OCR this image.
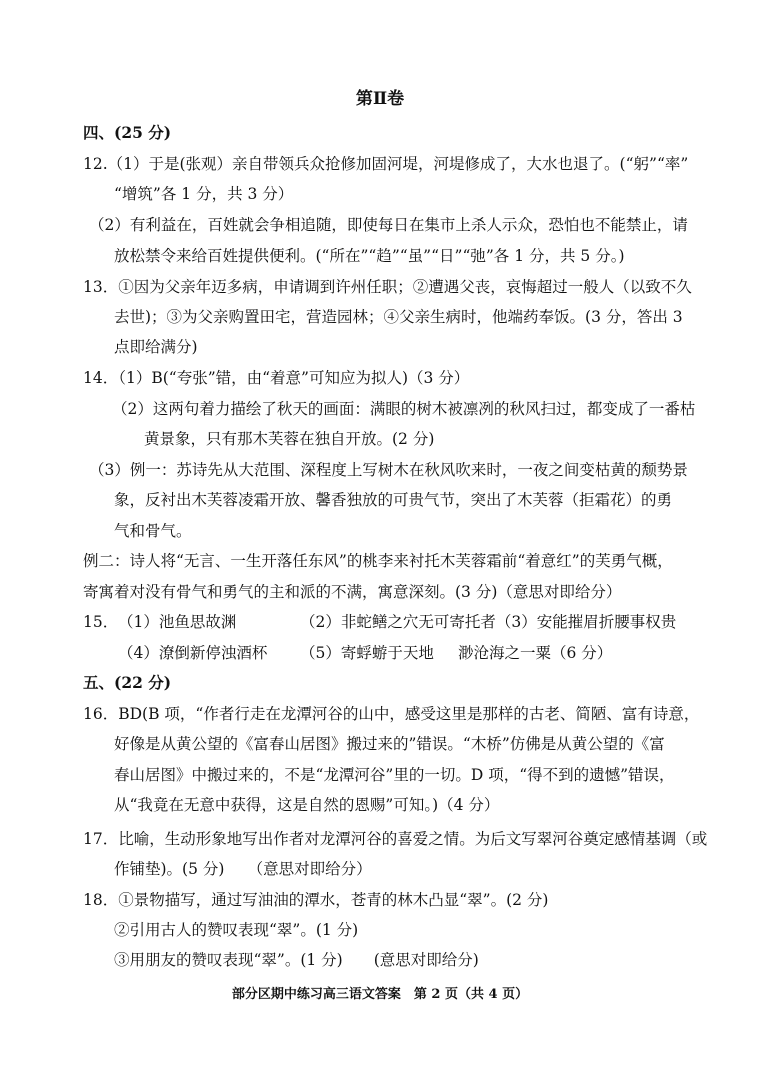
第Ⅱ卷
四、(25 分)
12.（1）于是(张观）亲自带领兵众抢修加固河堤，河堤修成了，大水也退了。(“躬”“率”
“增筑”各 1 分，共 3 分）
（2）有利益在，百姓就会争相追随，即使每日在集市上杀人示众，恐怕也不能禁止，请
放松禁令来给百姓提供便利。(“所在”“趋”“虽”“日”“弛”各 1 分，共 5 分。)
13．①因为父亲年迈多病，申请调到许州任职；②遭遇父丧，哀悔超过一般人（以致不久
去世)；③为父亲购置田宅，营造园林；④父亲生病时，他端药奉饭。(3 分，答出 3
点即给满分)
14．（1）B(“夸张”错，由“着意”可知应为拟人)（3 分）
（2）这两句着力描绘了秋天的画面：满眼的树木被凛冽的秋风扫过，都变成了一番枯
黄景象，只有那木芙蓉在独自开放。(2 分)
（3）例一：苏诗先从大范围、深程度上写树木在秋风吹来时，一夜之间变枯黄的颓势景
象，反衬出木芙蓉凌霜开放、馨香独放的可贵气节，突出了木芙蓉（拒霜花）的勇
气和骨气。
例二：诗人将“无言、一生开落任东风”的桃李来衬托木芙蓉霜前“着意红”的芙勇气概，
寄寓着对没有骨气和勇气的主和派的不满，寓意深刻。(3 分)（意思对即给分）
15． （1）池鱼思故渊	（2）非蛇鳝之穴无可寄托者（3）安能摧眉折腰事权贵
（4）潦倒新停浊酒杯 （5）寄蜉蝣于天地 渺沧海之一粟（6 分）
五、(22 分)
16．BD(B 项，“作者行走在龙潭河谷的山中，感受这里是那样的古老、简陋、富有诗意，
好像是从黄公望的《富春山居图》搬过来的”错误。“木桥”仿佛是从黄公望的《富
春山居图》中搬过来的，不是“龙潭河谷”里的一切。D 项，“得不到的遗憾”错误，
从“我竟在无意中获得，这是自然的恩赐”可知。)（4 分）
17．比喻，生动形象地写出作者对龙潭河谷的喜爱之情。为后文写翠河谷奠定感情基调（或
作铺垫)。(5 分)　　（意思对即给分）
18．①景物描写，通过写油油的潭水，苍青的林木凸显“翠”。(2 分)
②引用古人的赞叹表现“翠”。(1 分)
③用朋友的赞叹表现“翠”。(1 分)　　(意思对即给分)
部分区期中练习高三语文答案　第 2 页（共 4 页）
